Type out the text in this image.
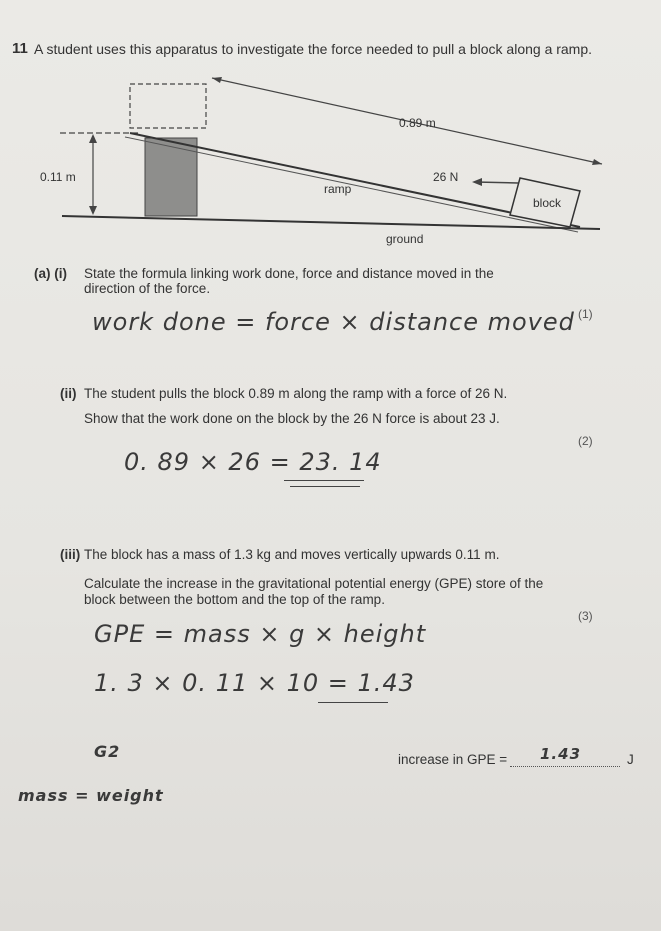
11 A student uses this apparatus to investigate the force needed to pull a block along a ramp.
0.89 m
0.11 m	26 N
ramp
block
ground
(a) (i) State the formula linking work done, force and distance moved in the
direction of the force.
(1)
work done = force × distance moved
(ii) The student pulls the block 0.89 m along the ramp with a force of 26 N.
Show that the work done on the block by the 26 N force is about 23 J.
(2)
0. 89 × 26 = 23. 14
(iii) The block has a mass of 1.3 kg and moves vertically upwards 0.11 m.
Calculate the increase in the gravitational potential energy (GPE) store of the
block between the bottom and the top of the ramp.
(3)
GPE = mass × g × height
1. 3 × 0. 11 × 10 = 1.43
G2	increase in GPE = 1.43	J
mass = weight
